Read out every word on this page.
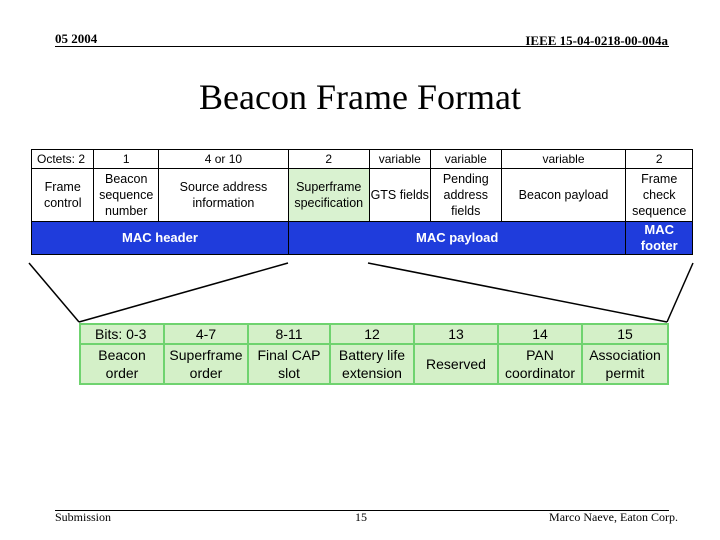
05 2004	IEEE 15-04-0218-00-004a
Beacon Frame Format
Octets: 2	1	4 or 10	2	variable	variable	variable	2
Frame control	Beacon sequence number	Source address information	Superframe specification	GTS fields	Pending address fields	Beacon payload	Frame check sequence
MAC header			MAC payload				MAC footer
Bits: 0-3	4-7	8-11	12	13	14	15
Beacon order	Superframe order	Final CAP slot	Battery life extension	Reserved	PAN coordinator	Association permit
Submission	15	Marco Naeve, Eaton Corp.
